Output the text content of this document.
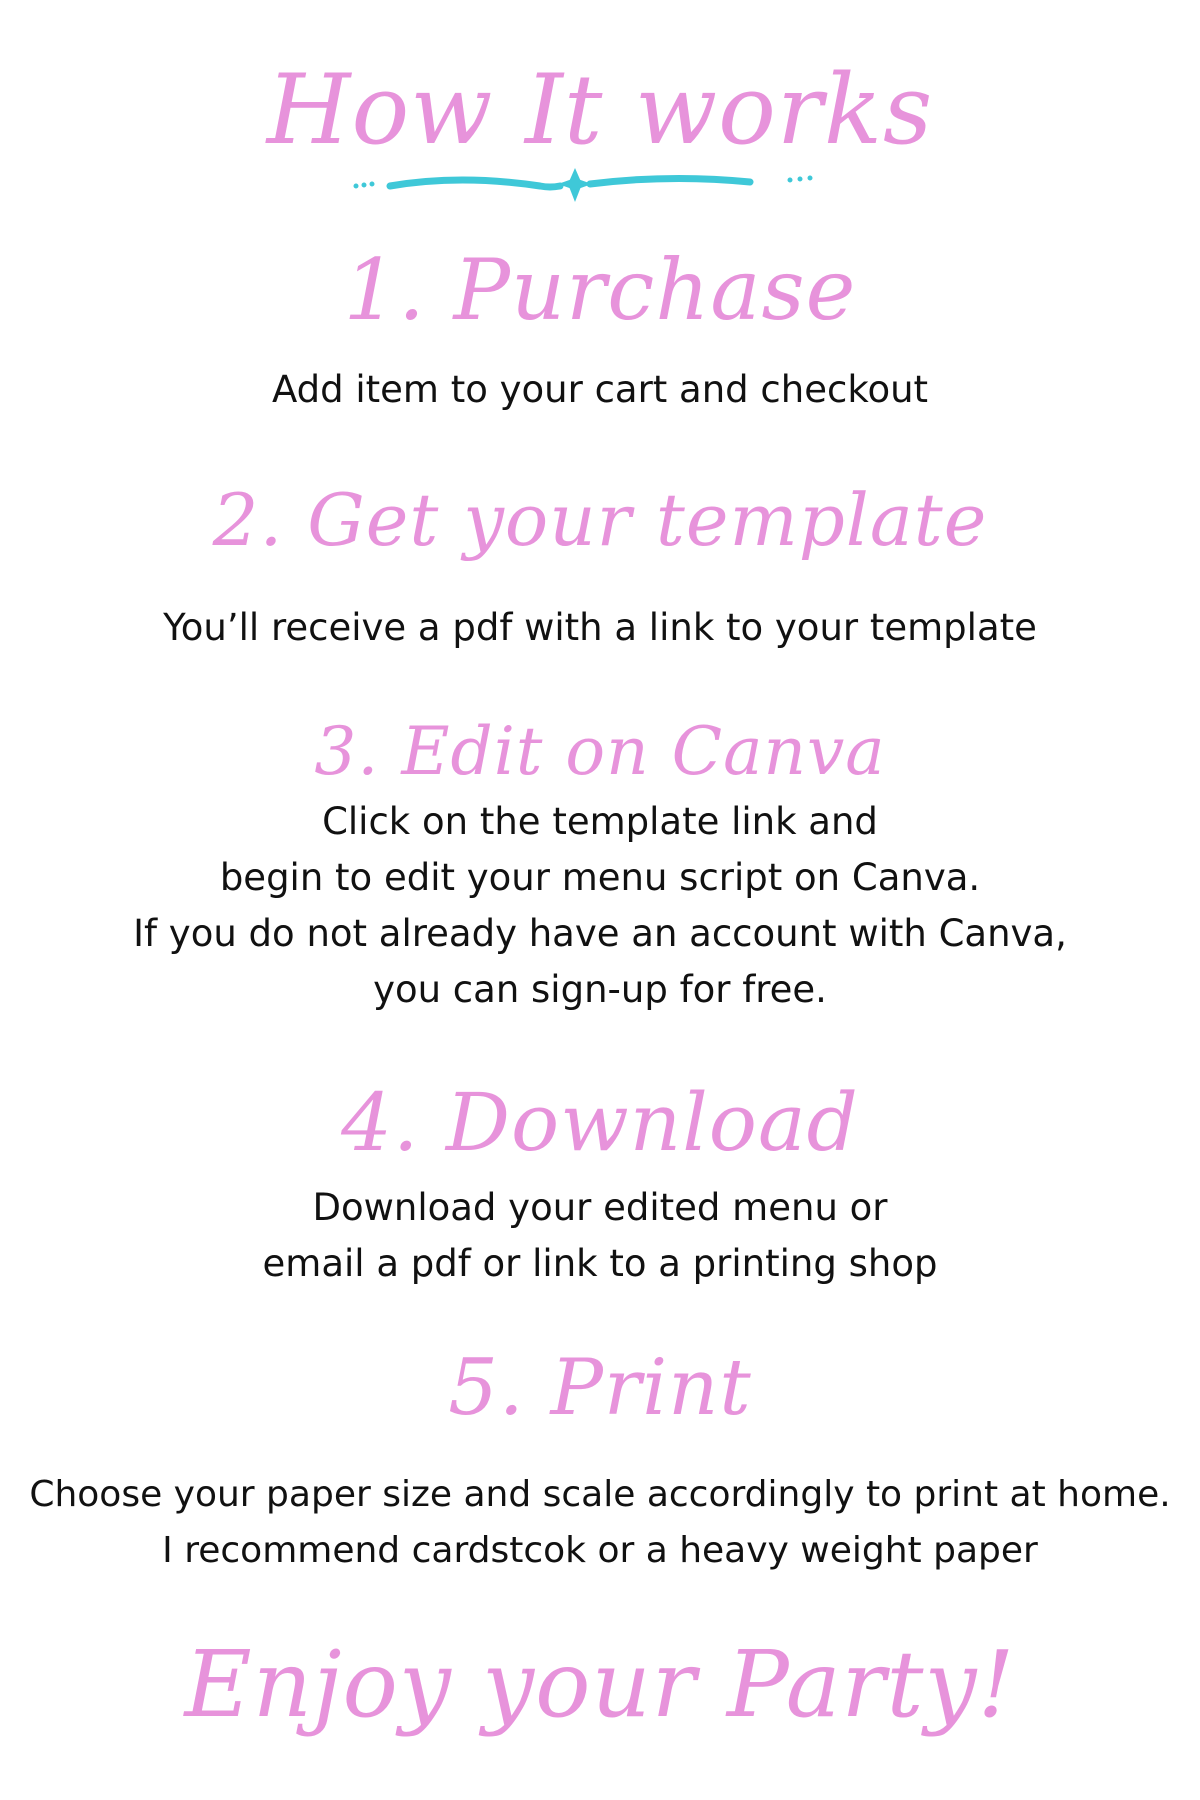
How It works
1. Purchase
Add item to your cart and checkout
2. Get your template
You’ll receive a pdf with a link to your template
3. Edit on Canva
Click on the template link and
begin to edit your menu script on Canva.
If you do not already have an account with Canva,
you can sign-up for free.
4. Download
Download your edited menu or
email a pdf or link to a printing shop
5. Print
Choose your paper size and scale accordingly to print at home.
I recommend cardstcok or a heavy weight paper
Enjoy your Party!
